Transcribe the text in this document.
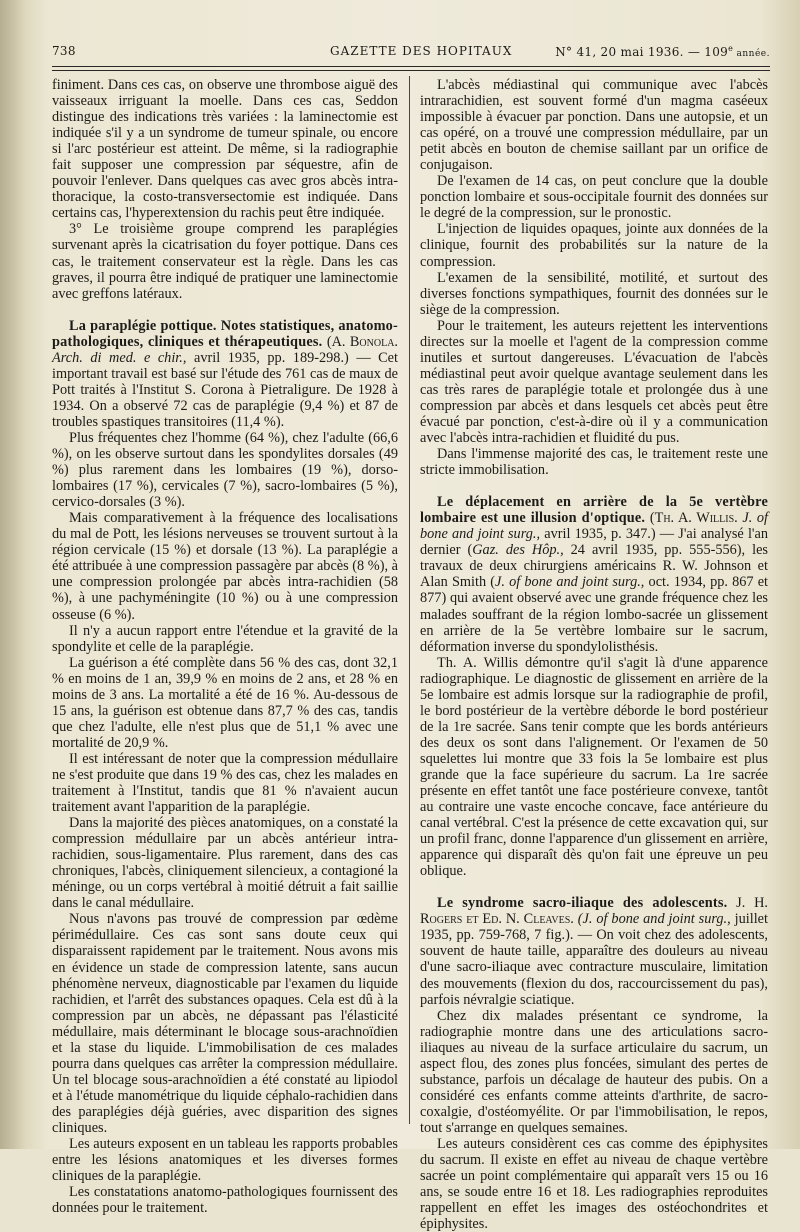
738	GAZETTE DES HOPITAUX	N° 41, 20 mai 1936. — 109e année.

finiment. Dans ces cas, on observe une thrombose aiguë des vaisseaux irriguant la moelle. Dans ces cas, Seddon distingue des indications très variées : la laminectomie est indiquée s'il y a un syndrome de tumeur spinale, ou encore si l'arc postérieur est atteint. De même, si la radiographie fait supposer une compression par séquestre, afin de pouvoir l'enlever. Dans quelques cas avec gros abcès intra-thoracique, la costo-transversectomie est indiquée. Dans certains cas, l'hyperextension du rachis peut être indiquée.

3° Le troisième groupe comprend les paraplégies survenant après la cicatrisation du foyer pottique. Dans ces cas, le traitement conservateur est la règle. Dans les cas graves, il pourra être indiqué de pratiquer une laminectomie avec greffons latéraux.

La paraplégie pottique. Notes statistiques, anatomo-pathologiques, cliniques et thérapeutiques. (A. Bonola. Arch. di med. e chir., avril 1935, pp. 189-298.) — Cet important travail est basé sur l'étude des 761 cas de maux de Pott traités à l'Institut S. Corona à Pietraligure. De 1928 à 1934. On a observé 72 cas de paraplégie (9,4 %) et 87 de troubles spastiques transitoires (11,4 %).

Plus fréquentes chez l'homme (64 %), chez l'adulte (66,6 %), on les observe surtout dans les spondylites dorsales (49 %) plus rarement dans les lombaires (19 %), dorso-lombaires (17 %), cervicales (7 %), sacro-lombaires (5 %), cervico-dorsales (3 %).

Mais comparativement à la fréquence des localisations du mal de Pott, les lésions nerveuses se trouvent surtout à la région cervicale (15 %) et dorsale (13 %). La paraplégie a été attribuée à une compression passagère par abcès (8 %), à une compression prolongée par abcès intra-rachidien (58 %), à une pachyméningite (10 %) ou à une compression osseuse (6 %).

Il n'y a aucun rapport entre l'étendue et la gravité de la spondylite et celle de la paraplégie.

La guérison a été complète dans 56 % des cas, dont 32,1 % en moins de 1 an, 39,9 % en moins de 2 ans, et 28 % en moins de 3 ans. La mortalité a été de 16 %. Au-dessous de 15 ans, la guérison est obtenue dans 87,7 % des cas, tandis que chez l'adulte, elle n'est plus que de 51,1 % avec une mortalité de 20,9 %.

Il est intéressant de noter que la compression médullaire ne s'est produite que dans 19 % des cas, chez les malades en traitement à l'Institut, tandis que 81 % n'avaient aucun traitement avant l'apparition de la paraplégie.

Dans la majorité des pièces anatomiques, on a constaté la compression médullaire par un abcès antérieur intra-rachidien, sous-ligamentaire. Plus rarement, dans des cas chroniques, l'abcès, cliniquement silencieux, a contagioné la méninge, ou un corps vertébral à moitié détruit a fait saillie dans le canal médullaire.

Nous n'avons pas trouvé de compression par œdème périmédullaire. Ces cas sont sans doute ceux qui disparaissent rapidement par le traitement. Nous avons mis en évidence un stade de compression latente, sans aucun phénomène nerveux, diagnosticable par l'examen du liquide rachidien, et l'arrêt des substances opaques. Cela est dû à la compression par un abcès, ne dépassant pas l'élasticité médullaire, mais déterminant le blocage sous-arachnoïdien et la stase du liquide. L'immobilisation de ces malades pourra dans quelques cas arrêter la compression médullaire. Un tel blocage sous-arachnoïdien a été constaté au lipiodol et à l'étude manométrique du liquide céphalo-rachidien dans des paraplégies déjà guéries, avec disparition des signes cliniques.

Les auteurs exposent en un tableau les rapports probables entre les lésions anatomiques et les diverses formes cliniques de la paraplégie.

Les constatations anatomo-pathologiques fournissent des données pour le traitement.

L'abcès médiastinal qui communique avec l'abcès intrarachidien, est souvent formé d'un magma caséeux impossible à évacuer par ponction. Dans une autopsie, et un cas opéré, on a trouvé une compression médullaire, par un petit abcès en bouton de chemise saillant par un orifice de conjugaison.

De l'examen de 14 cas, on peut conclure que la double ponction lombaire et sous-occipitale fournit des données sur le degré de la compression, sur le pronostic.

L'injection de liquides opaques, jointe aux données de la clinique, fournit des probabilités sur la nature de la compression.

L'examen de la sensibilité, motilité, et surtout des diverses fonctions sympathiques, fournit des données sur le siège de la compression.

Pour le traitement, les auteurs rejettent les interventions directes sur la moelle et l'agent de la compression comme inutiles et surtout dangereuses. L'évacuation de l'abcès médiastinal peut avoir quelque avantage seulement dans les cas très rares de paraplégie totale et prolongée dus à une compression par abcès et dans lesquels cet abcès peut être évacué par ponction, c'est-à-dire où il y a communication avec l'abcès intra-rachidien et fluidité du pus.

Dans l'immense majorité des cas, le traitement reste une stricte immobilisation.

Le déplacement en arrière de la 5e vertèbre lombaire est une illusion d'optique. (Th. A. Willis. J. of bone and joint surg., avril 1935, p. 347.) — J'ai analysé l'an dernier (Gaz. des Hôp., 24 avril 1935, pp. 555-556), les travaux de deux chirurgiens américains R. W. Johnson et Alan Smith (J. of bone and joint surg., oct. 1934, pp. 867 et 877) qui avaient observé avec une grande fréquence chez les malades souffrant de la région lombo-sacrée un glissement en arrière de la 5e vertèbre lombaire sur le sacrum, déformation inverse du spondylolisthésis.

Th. A. Willis démontre qu'il s'agit là d'une apparence radiographique. Le diagnostic de glissement en arrière de la 5e lombaire est admis lorsque sur la radiographie de profil, le bord postérieur de la vertèbre déborde le bord postérieur de la 1re sacrée. Sans tenir compte que les bords antérieurs des deux os sont dans l'alignement. Or l'examen de 50 squelettes lui montre que 33 fois la 5e lombaire est plus grande que la face supérieure du sacrum. La 1re sacrée présente en effet tantôt une face postérieure convexe, tantôt au contraire une vaste encoche concave, face antérieure du canal vertébral. C'est la présence de cette excavation qui, sur un profil franc, donne l'apparence d'un glissement en arrière, apparence qui disparaît dès qu'on fait une épreuve un peu oblique.

Le syndrome sacro-iliaque des adolescents. J. H. Rogers et Ed. N. Cleaves. (J. of bone and joint surg., juillet 1935, pp. 759-768, 7 fig.). — On voit chez des adolescents, souvent de haute taille, apparaître des douleurs au niveau d'une sacro-iliaque avec contracture musculaire, limitation des mouvements (flexion du dos, raccourcissement du pas), parfois névralgie sciatique.

Chez dix malades présentant ce syndrome, la radiographie montre dans une des articulations sacro-iliaques au niveau de la surface articulaire du sacrum, un aspect flou, des zones plus foncées, simulant des pertes de substance, parfois un décalage de hauteur des pubis. On a considéré ces enfants comme atteints d'arthrite, de sacro-coxalgie, d'ostéomyélite. Or par l'immobilisation, le repos, tout s'arrange en quelques semaines.

Les auteurs considèrent ces cas comme des épiphysites du sacrum. Il existe en effet au niveau de chaque vertèbre sacrée un point complémentaire qui apparaît vers 15 ou 16 ans, se soude entre 16 et 18. Les radiographies reproduites rappellent en effet les images des ostéochondrites et épiphysites.
